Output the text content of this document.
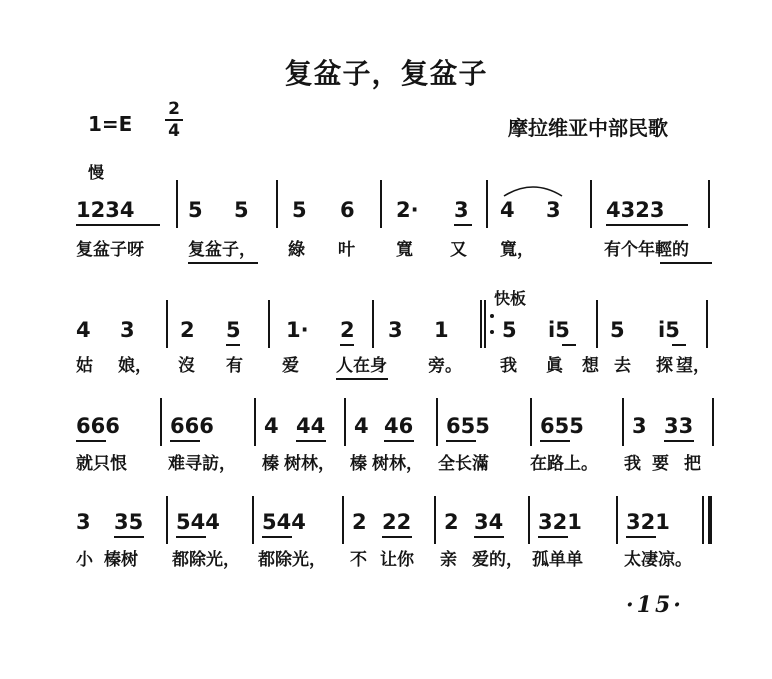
复盆子，复盆子
1=E
2
4	摩拉维亚中部民歌
慢
快板
1234	5 5 5 6 2· 3 4 3 4323
复盆子呀	复盆子， 綠 叶 寬 又 寬，	有个年輕的
4 3 2 5 1· 2 3 1	5 i5 5 i5
姑 娘， 沒 有 爱 人在身 旁。 我 眞 想 去 探 望，
666 666 4 44 4 46 655 655 3 33
就只恨 难寻訪， 榛 树林， 榛 树林， 全长滿 在路上。 我 要 把
3 35 544 544 2 22 2 34 321 321
小 榛树 都除光， 都除光， 不 让你 亲 爱的， 孤单单 太凄凉。
·15·
